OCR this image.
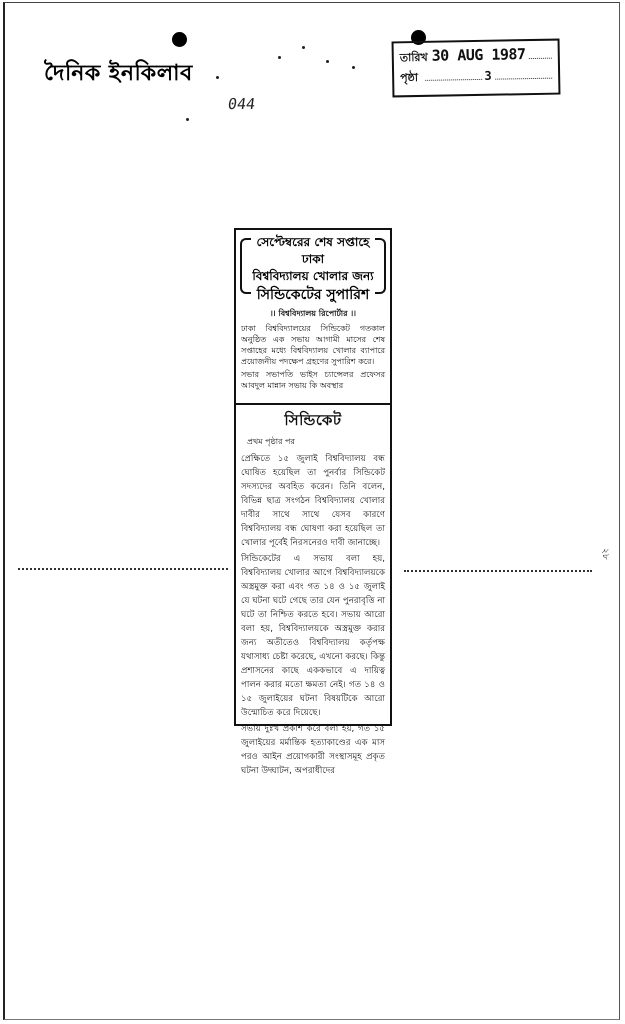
দৈনিক ইনকিলাব
044
তারিখ 30 AUG 1987
পৃষ্ঠা	3
সেপ্টেম্বরের শেষ সপ্তাহে ঢাকা
বিশ্ববিদ্যালয় খোলার জন্য
সিন্ডিকেটের সুপারিশ
।। বিশ্ববিদ্যালয় রিপোর্টার ।।
ঢাকা বিশ্ববিদ্যালয়ের সিন্ডিকেট গতকাল অনুষ্ঠিত এক সভায় আগামী মাসের শেষ সপ্তাহের মধ্যে বিশ্ববিদ্যালয় খোলার ব্যাপারে প্রয়োজনীয় পদক্ষেপ গ্রহণের সুপারিশ করে।
সভার সভাপতি ভাইস চ্যান্সেলর প্রফেসর আবদুল মান্নান সভায় কি অবস্থার
সিন্ডিকেট
প্রথম পৃষ্ঠার পর
প্রেক্ষিতে ১৫ জুলাই বিশ্ববিদ্যালয় বন্ধ ঘোষিত হয়েছিল তা পুনর্বার সিন্ডিকেট সদস্যদের অবহিত করেন। তিনি বলেন, বিভিন্ন ছাত্র সংগঠন বিশ্ববিদ্যালয় খোলার দাবীর সাথে সাথে যেসব কারণে বিশ্ববিদ্যালয় বন্ধ ঘোষণা করা হয়েছিল তা খোলার পূর্বেই নিরসনেরও দাবী জানাচ্ছে।
সিন্ডিকেটের এ সভায় বলা হয়, বিশ্ববিদ্যালয় খোলার আগে বিশ্ববিদ্যালয়কে অস্ত্রমুক্ত করা এবং গত ১৪ ও ১৫ জুলাই যে ঘটনা ঘটে গেছে তার যেন পুনরাবৃত্তি না ঘটে তা নিশ্চিত করতে হবে। সভায় আরো বলা হয়, বিশ্ববিদ্যালয়কে অস্ত্রমুক্ত করার জন্য অতীতেও বিশ্ববিদ্যালয় কর্তৃপক্ষ যথাসাধ্য চেষ্টা করেছে, এখনো করছে। কিন্তু প্রশাসনের কাছে এককভাবে এ দায়িত্ব পালন করার মতো ক্ষমতা নেই। গত ১৪ ও ১৫ জুলাইয়ের ঘটনা বিষয়টিকে আরো উন্মোচিত করে দিয়েছে।
সভায় দুঃখ প্রকাশ করে বলা হয়, গত ১৫ জুলাইয়ের মর্মান্তিক হত্যাকাণ্ডের এক মাস পরও আইন প্রয়োগকারী সংস্থাসমূহ প্রকৃত ঘটনা উদ্ঘাটন, অপরাধীদের
২৮
